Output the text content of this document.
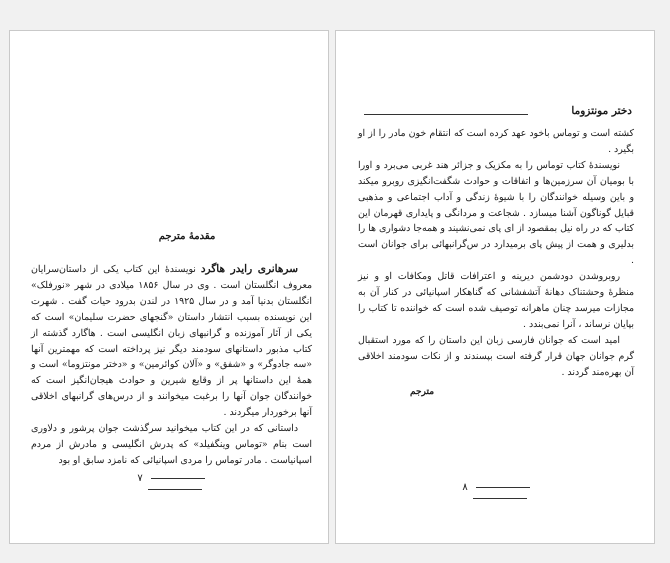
مقدمهٔ مترجم

سرهانری رایدر هاگرد نویسندهٔ این کتاب یکی از داستان‌سرایان معروف انگلستان است . وی در سال ۱۸۵۶ میلادی در شهر «نورفلک» انگلستان بدنیا آمد و در سال ۱۹۲۵ در لندن بدرود حیات گفت . شهرت این نویسنده بسبب انتشار داستان «گنجهای حضرت سلیمان» است که یکی از آثار آموزنده و گرانبهای زبان انگلیسی است . هاگارد گذشته از کتاب مذبور داستانهای سودمند دیگر نیز پرداخته است که مهمترین آنها «سه جادوگر» و «شفق» و «آلان کوائرمین» و «دختر مونتزوما» است و همهٔ این داستانها پر از وقایع شیرین و حوادث هیجان‌انگیز است که خوانندگان جوان آنها را برغبت میخوانند و از درس‌های گرانبهای اخلاقی آنها برخوردار میگردند .

داستانی که در این کتاب میخوانید سرگذشت جوان پرشور و دلاوری است بنام «توماس وینگفیلد» که پدرش انگلیسی و مادرش از مردم اسپانیاست . مادر توماس را مردی اسپانیائی که نامزد سابق او بود

۷
دختر مونتزوما

کشته است و توماس باخود عهد کرده است که انتقام خون مادر را از او بگیرد .

نویسندهٔ کتاب توماس را به مکزیک و جزائر هند غربی می‌برد و اورا با بومیان آن سرزمین‌ها و اتفاقات و حوادث شگفت‌انگیزی روبرو میکند و باین وسیله خوانندگان را با شیوهٔ زندگی و آداب اجتماعی و مذهبی قبایل گوناگون آشنا میسازد . شجاعت و مردانگی و پایداری قهرمان این کتاب که در راه نیل بمقصود از ای پای نمی‌نشیند و همه‌جا دشواری ها را بدلیری و همت از پیش پای برمیدارد در س‌گرانبهائی برای جوانان است .

روبروشدن دودشمن دیرینه و اعترافات قاتل ومکافات او و نیز منظرهٔ وحشتناک دهانهٔ آتشفشانی که گناهکار اسپانیائی در کنار آن به مجازات میرسد چنان ماهرانه توصیف شده است که خواننده تا کتاب را بپایان نرساند ، آنرا نمی‌بندد .

امید است که جوانان فارسی زبان این داستان را که مورد استقبال گرم جوانان جهان قرار گرفته است بپسندند و از نکات سودمند اخلاقی آن بهره‌مند گردند .

مترجم
۸
